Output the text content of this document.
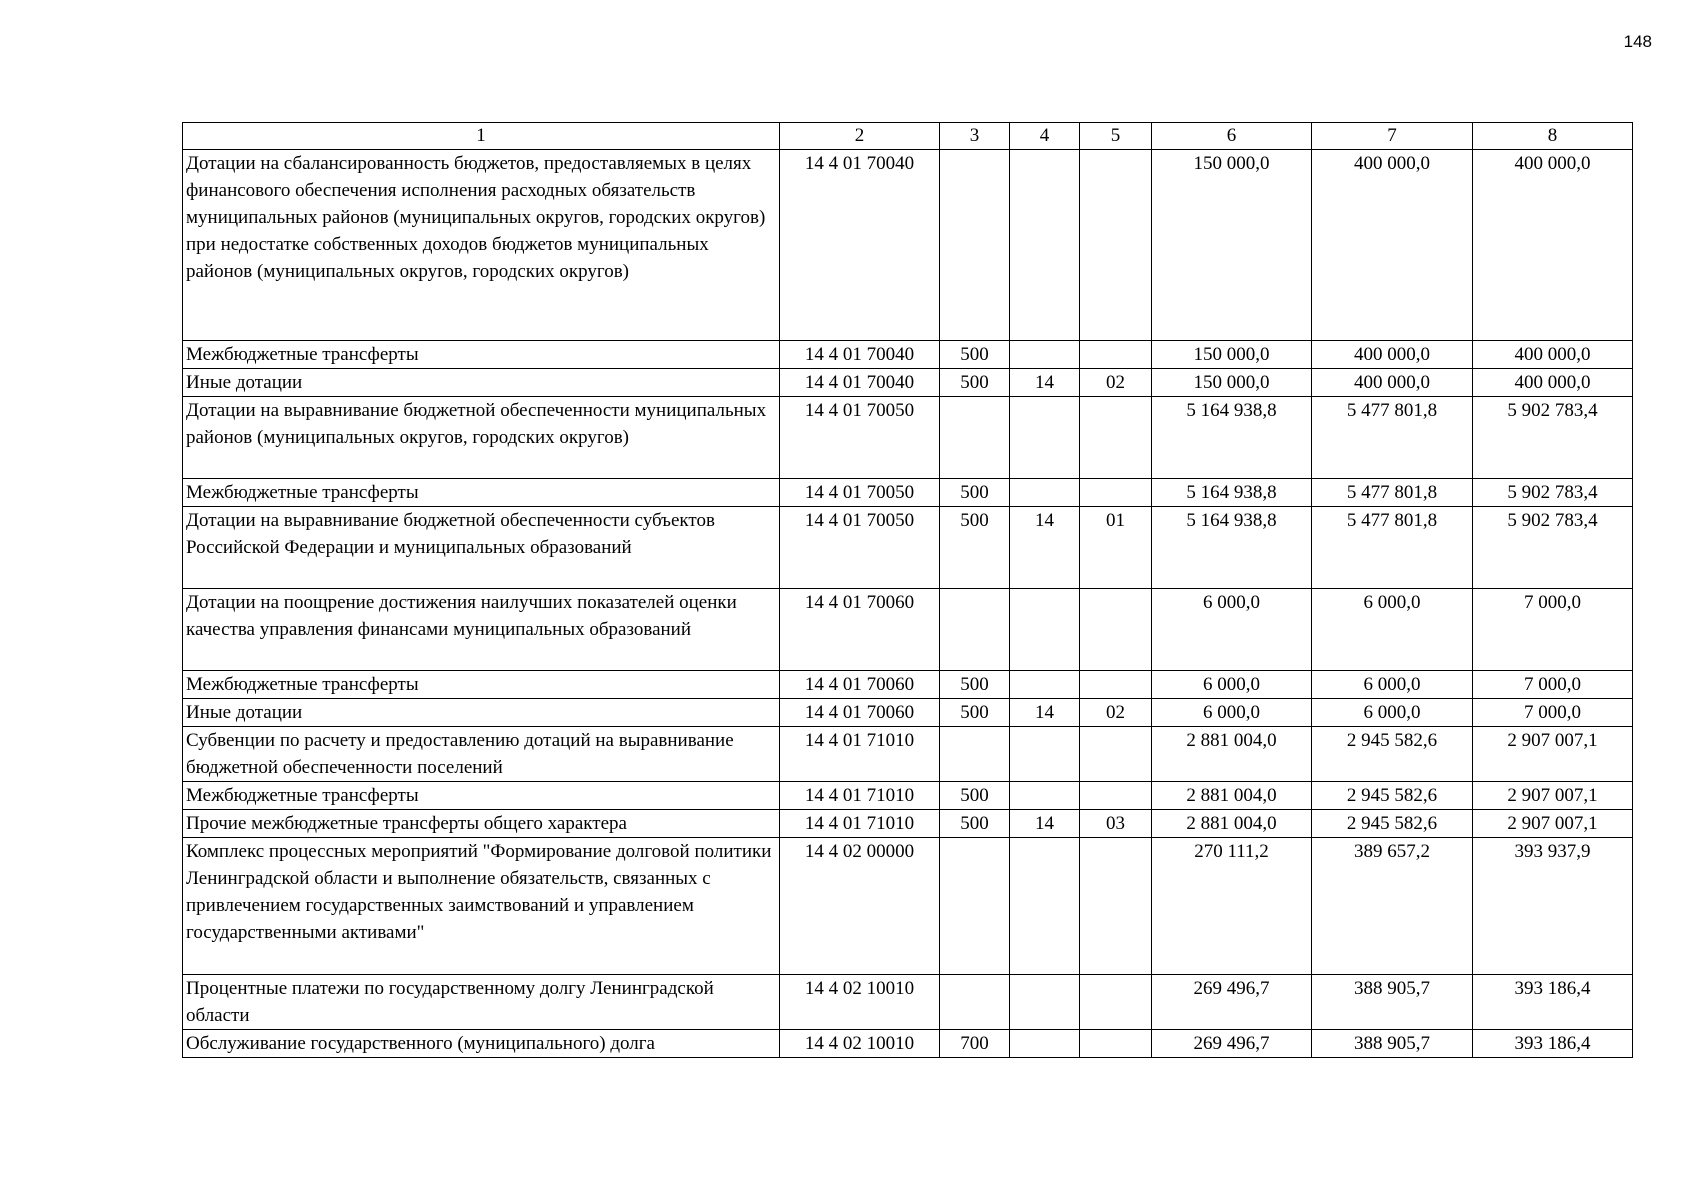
148
1	2	3	4	5	6	7	8
Дотации на сбалансированность бюджетов, предоставляемых в целях финансового обеспечения исполнения расходных обязательств муниципальных районов (муниципальных округов, городских округов) при недостатке собственных доходов бюджетов муниципальных районов (муниципальных округов, городских округов)	14 4 01 70040				150 000,0	400 000,0	400 000,0
Межбюджетные трансферты	14 4 01 70040	500			150 000,0	400 000,0	400 000,0
Иные дотации	14 4 01 70040	500	14	02	150 000,0	400 000,0	400 000,0
Дотации на выравнивание бюджетной обеспеченности муниципальных районов (муниципальных округов, городских округов)	14 4 01 70050				5 164 938,8	5 477 801,8	5 902 783,4
Межбюджетные трансферты	14 4 01 70050	500			5 164 938,8	5 477 801,8	5 902 783,4
Дотации на выравнивание бюджетной обеспеченности субъектов Российской Федерации и муниципальных образований	14 4 01 70050	500	14	01	5 164 938,8	5 477 801,8	5 902 783,4
Дотации на поощрение достижения наилучших показателей оценки качества управления финансами муниципальных образований	14 4 01 70060				6 000,0	6 000,0	7 000,0
Межбюджетные трансферты	14 4 01 70060	500			6 000,0	6 000,0	7 000,0
Иные дотации	14 4 01 70060	500	14	02	6 000,0	6 000,0	7 000,0
Субвенции по расчету и предоставлению дотаций на выравнивание бюджетной обеспеченности поселений	14 4 01 71010				2 881 004,0	2 945 582,6	2 907 007,1
Межбюджетные трансферты	14 4 01 71010	500			2 881 004,0	2 945 582,6	2 907 007,1
Прочие межбюджетные трансферты общего характера	14 4 01 71010	500	14	03	2 881 004,0	2 945 582,6	2 907 007,1
Комплекс процессных мероприятий "Формирование долговой политики Ленинградской области и выполнение обязательств, связанных с привлечением государственных заимствований и управлением государственными активами"	14 4 02 00000				270 111,2	389 657,2	393 937,9
Процентные платежи по государственному долгу Ленинградской области	14 4 02 10010				269 496,7	388 905,7	393 186,4
Обслуживание государственного (муниципального) долга	14 4 02 10010	700			269 496,7	388 905,7	393 186,4
